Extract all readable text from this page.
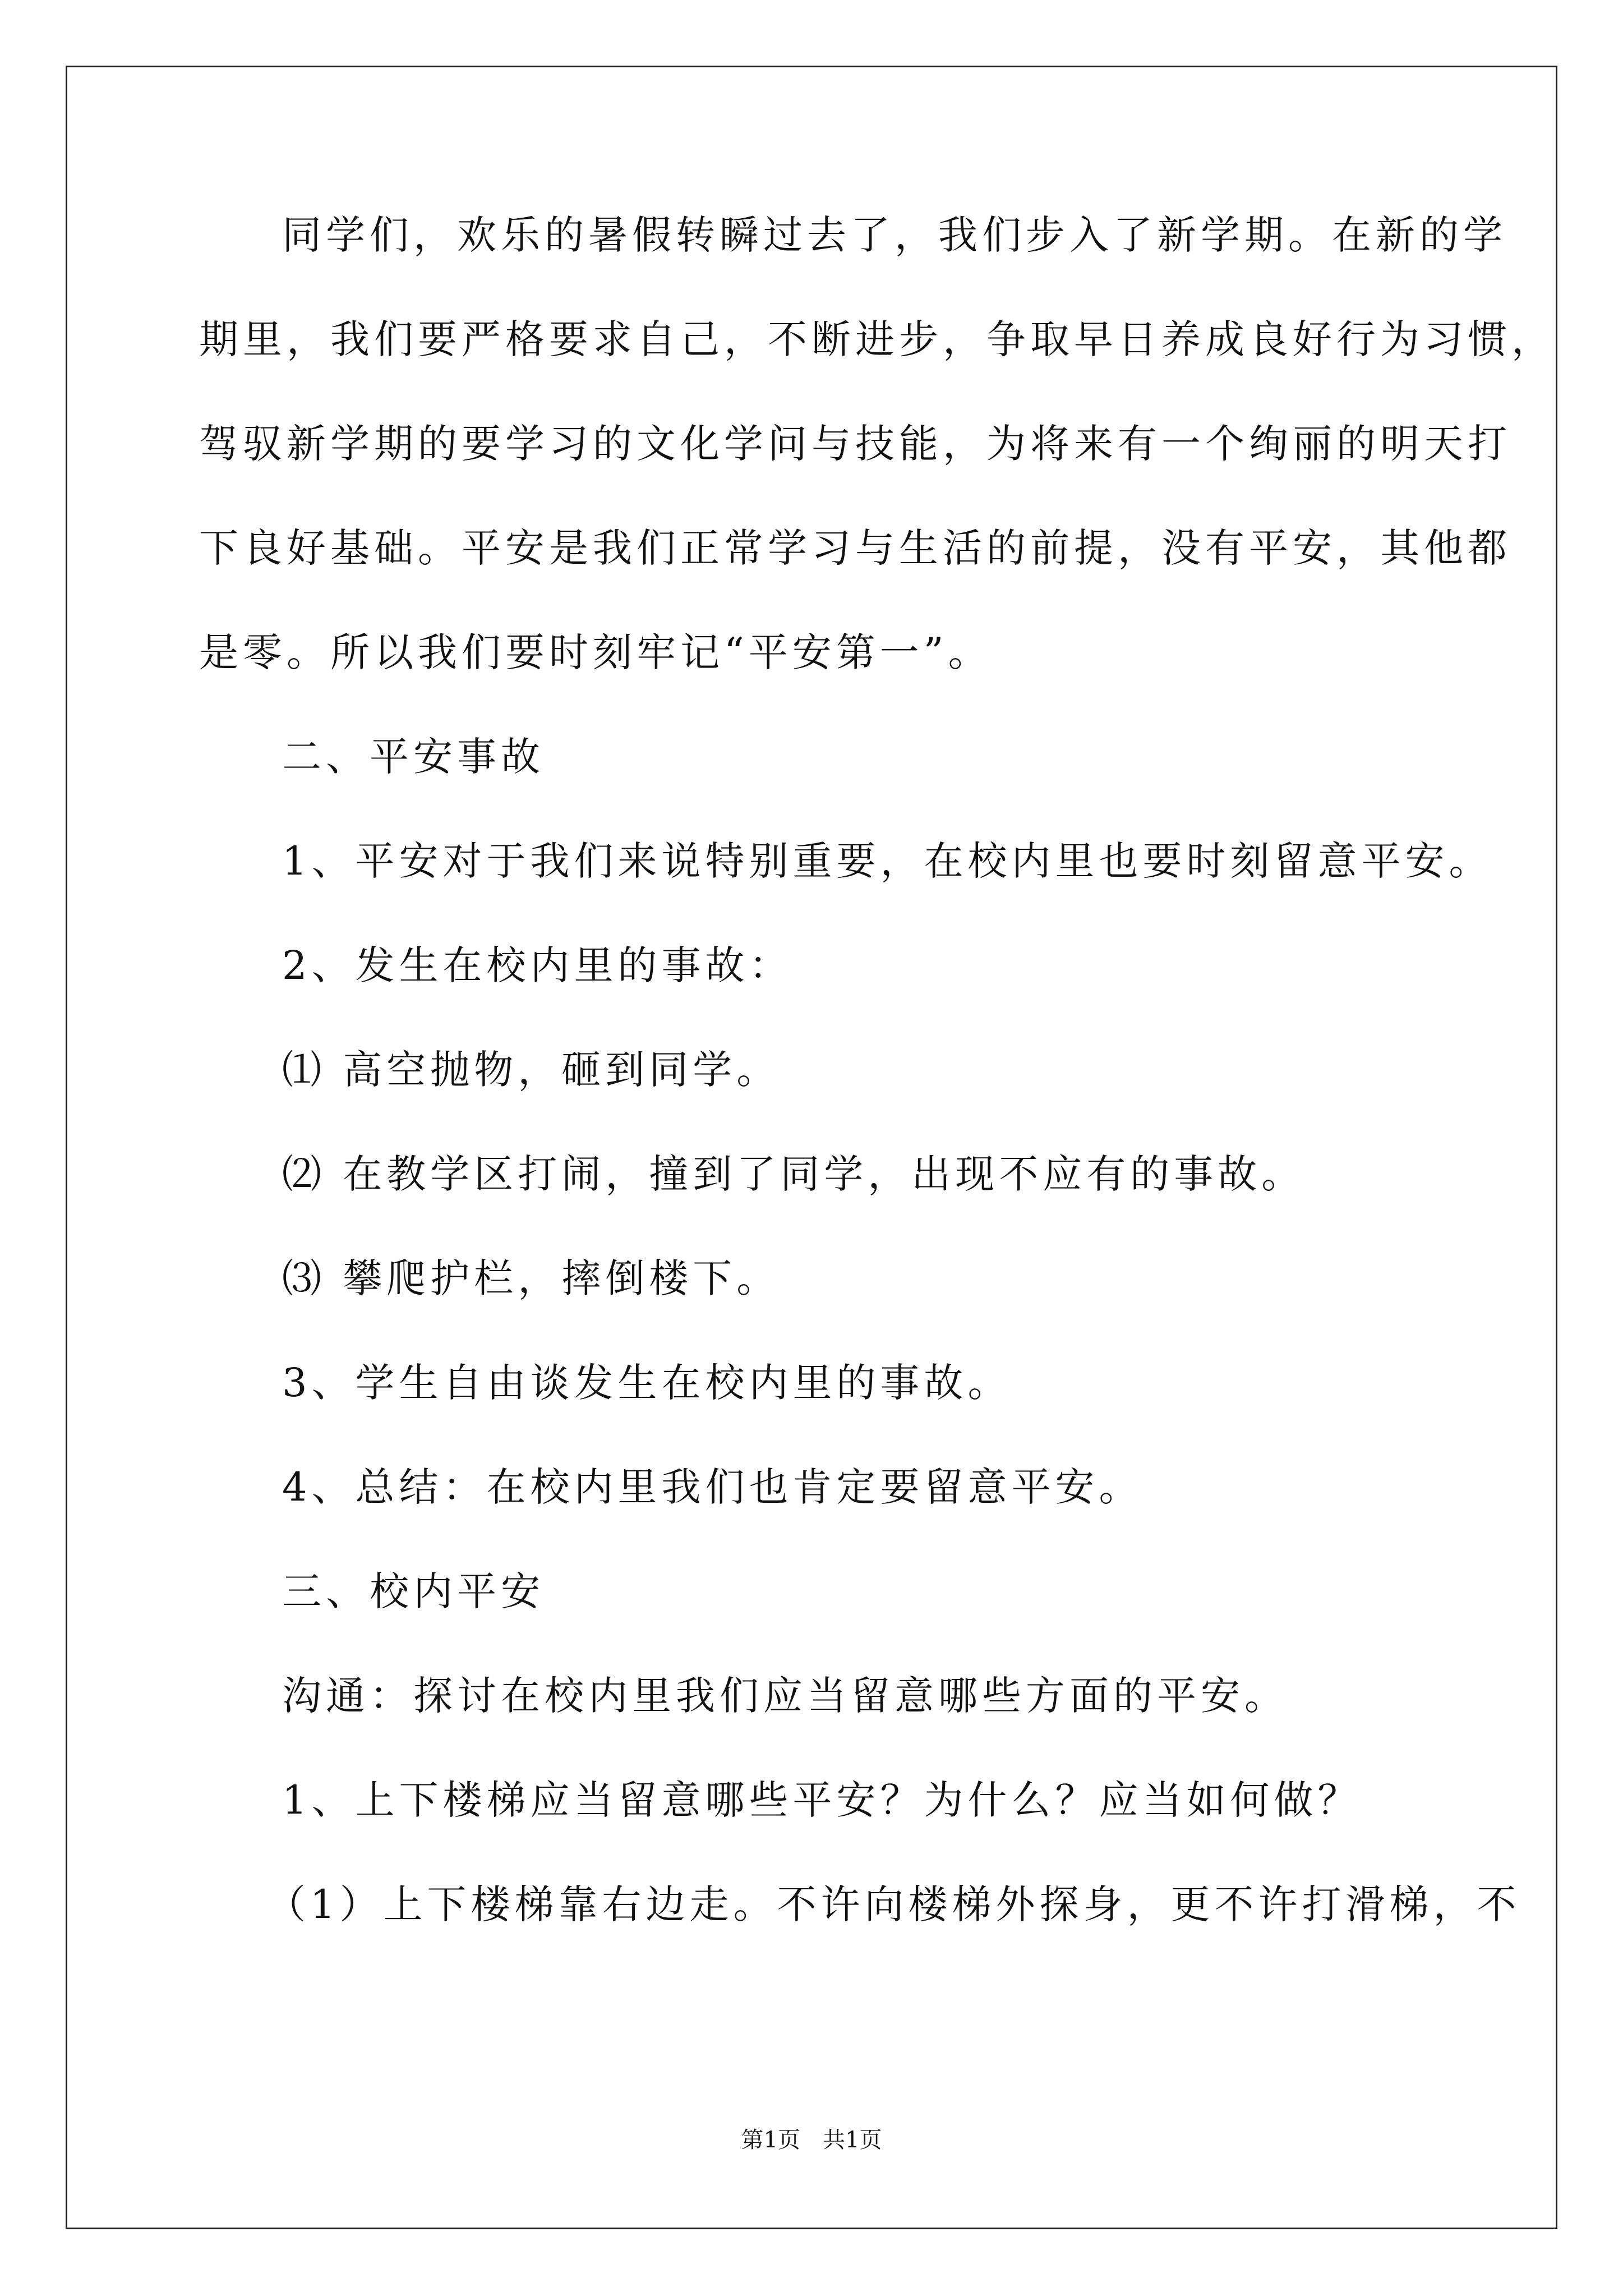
同学们，欢乐的暑假转瞬过去了，我们步入了新学期。在新的学
期里，我们要严格要求自己，不断进步，争取早日养成良好行为习惯，
驾驭新学期的要学习的文化学问与技能，为将来有一个绚丽的明天打
下良好基础。平安是我们正常学习与生活的前提，没有平安，其他都
是零。所以我们要时刻牢记“平安第一”。
二、平安事故
1、平安对于我们来说特别重要，在校内里也要时刻留意平安。
2、发生在校内里的事故：
⑴ 高空抛物，砸到同学。
⑵ 在教学区打闹，撞到了同学，出现不应有的事故。
⑶ 攀爬护栏，摔倒楼下。
3、学生自由谈发生在校内里的事故。
4、总结：在校内里我们也肯定要留意平安。
三、校内平安
沟通：探讨在校内里我们应当留意哪些方面的平安。
1、上下楼梯应当留意哪些平安？为什么？应当如何做？
（1）上下楼梯靠右边走。不许向楼梯外探身，更不许打滑梯，不
第1页　共1页
